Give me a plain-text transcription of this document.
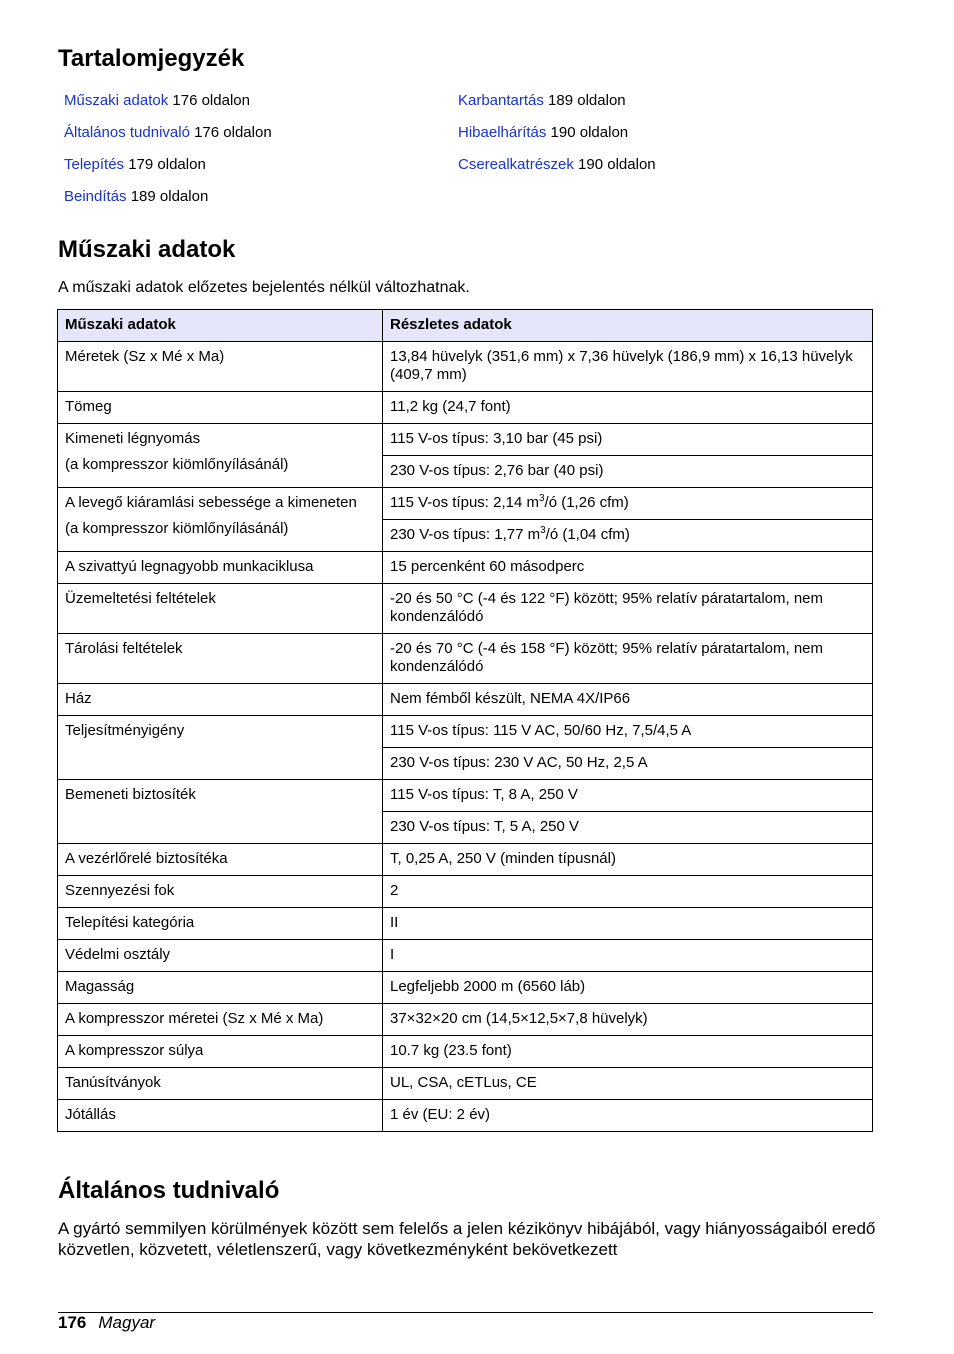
Tartalomjegyzék
Műszaki adatok 176 oldalon
Általános tudnivaló 176 oldalon
Telepítés 179 oldalon
Beindítás 189 oldalon
Karbantartás 189 oldalon
Hibaelhárítás 190 oldalon
Cserealkatrészek 190 oldalon
Műszaki adatok
A műszaki adatok előzetes bejelentés nélkül változhatnak.
Műszaki adatok	Részletes adatok
Méretek (Sz x Mé x Ma)	13,84 hüvelyk (351,6 mm) x 7,36 hüvelyk (186,9 mm) x 16,13 hüvelyk (409,7 mm)
Tömeg	11,2 kg (24,7 font)

Kimeneti légnyomás
(a kompresszor kiömlőnyílásánál)	115 V-os típus: 3,10 bar (45 psi)
	230 V-os típus: 2,76 bar (40 psi)

A levegő kiáramlási sebessége a kimeneten
(a kompresszor kiömlőnyílásánál)	115 V-os típus: 2,14 $m^3/ó$ (1,26 cfm)
	230 V-os típus: 1,77 $m^3/ó$ (1,04 cfm)
A szivattyú legnagyobb munkaciklusa	15 percenként 60 másodperc
Üzemeltetési feltételek	-20 és 50 °C (-4 és 122 °F) között; 95% relatív páratartalom, nem kondenzálódó
Tárolási feltételek	-20 és 70 °C (-4 és 158 °F) között; 95% relatív páratartalom, nem kondenzálódó
Ház	Nem fémből készült, NEMA 4X/IP66
Teljesítményigény	115 V-os típus: 115 V AC, 50/60 Hz, 7,5/4,5 A
	230 V-os típus: 230 V AC, 50 Hz, 2,5 A
Bemeneti biztosíték	115 V-os típus: T, 8 A, 250 V
	230 V-os típus: T, 5 A, 250 V
A vezérlőrelé biztosítéka	T, 0,25 A, 250 V (minden típusnál)
Szennyezési fok	2
Telepítési kategória	II
Védelmi osztály	I
Magasság	Legfeljebb 2000 m (6560 láb)
A kompresszor méretei (Sz x Mé x Ma)	37×32×20 cm (14,5×12,5×7,8 hüvelyk)
A kompresszor súlya	10.7 kg (23.5 font)
Tanúsítványok	UL, CSA, cETLus, CE
Jótállás	1 év (EU: 2 év)
Általános tudnivaló
A gyártó semmilyen körülmények között sem felelős a jelen kézikönyv hibájából, vagy hiányosságaiból eredő közvetlen, közvetett, véletlenszerű, vagy következményként bekövetkezett
176 Magyar
